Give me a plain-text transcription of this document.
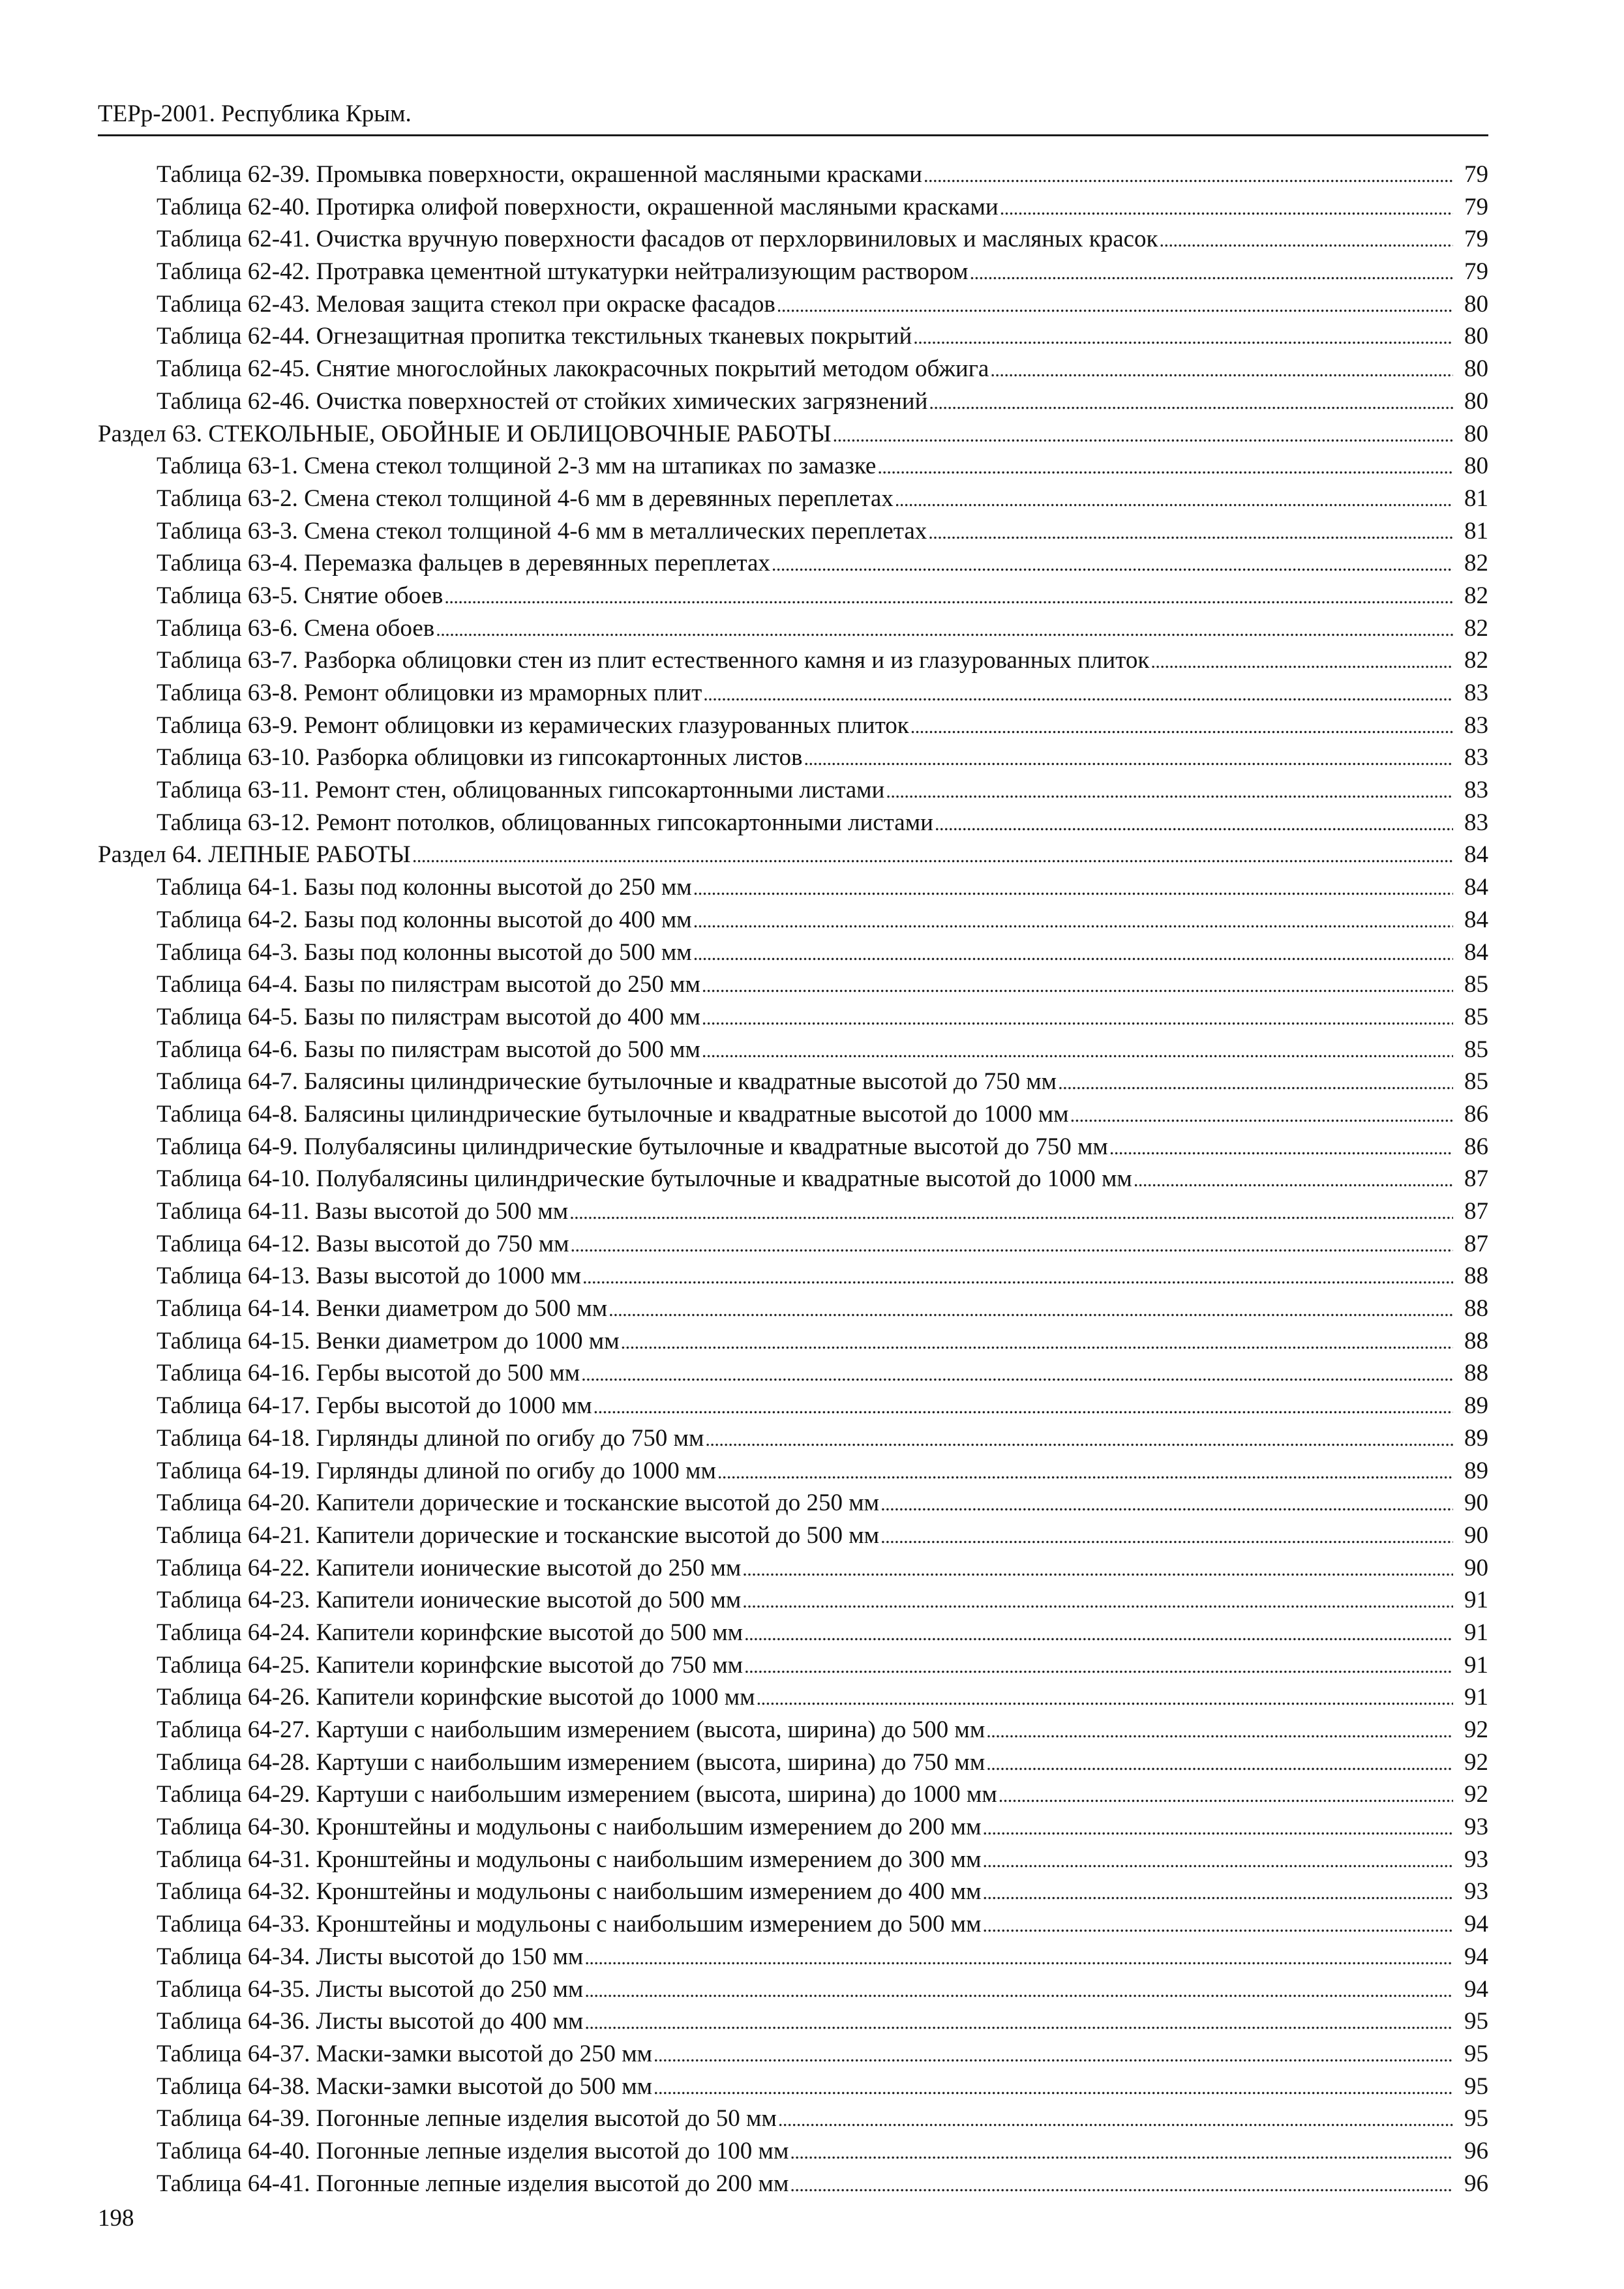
ТЕРр-2001. Республика Крым.
Таблица 62-39. Промывка поверхности, окрашенной масляными красками . . .	79
Таблица 62-40. Протирка олифой поверхности, окрашенной масляными красками . . .	79
Таблица 62-41. Очистка вручную поверхности фасадов от перхлорвиниловых и масляных красок . . .	79
Таблица 62-42. Протравка цементной штукатурки нейтрализующим раствором . . .	79
Таблица 62-43. Меловая защита стекол при окраске фасадов . . .	80
Таблица 62-44. Огнезащитная пропитка текстильных тканевых покрытий . . .	80
Таблица 62-45. Снятие многослойных лакокрасочных покрытий методом обжига . . .	80
Таблица 62-46. Очистка поверхностей от стойких химических загрязнений . . .	80
Раздел 63. СТЕКОЛЬНЫЕ, ОБОЙНЫЕ И ОБЛИЦОВОЧНЫЕ РАБОТЫ . . .	80
Таблица 63-1. Смена стекол толщиной 2-3 мм на штапиках по замазке . . .	80
Таблица 63-2. Смена стекол толщиной 4-6 мм в деревянных переплетах . . .	81
Таблица 63-3. Смена стекол толщиной 4-6 мм в металлических переплетах . . .	81
Таблица 63-4. Перемазка фальцев в деревянных переплетах . . .	82
Таблица 63-5. Снятие обоев . . .	82
Таблица 63-6. Смена обоев . . .	82
Таблица 63-7. Разборка облицовки стен из плит естественного камня и из глазурованных плиток . . .	82
Таблица 63-8. Ремонт облицовки из мраморных плит . . .	83
Таблица 63-9. Ремонт облицовки из керамических глазурованных плиток . . .	83
Таблица 63-10. Разборка облицовки из гипсокартонных листов . . .	83
Таблица 63-11. Ремонт стен, облицованных гипсокартонными листами . . .	83
Таблица 63-12. Ремонт потолков, облицованных гипсокартонными листами . . .	83
Раздел 64. ЛЕПНЫЕ РАБОТЫ . . .	84
Таблица 64-1. Базы под колонны высотой до 250 мм . . .	84
Таблица 64-2. Базы под колонны высотой до 400 мм . . .	84
Таблица 64-3. Базы под колонны высотой до 500 мм . . .	84
Таблица 64-4. Базы по пилястрам высотой до 250 мм . . .	85
Таблица 64-5. Базы по пилястрам высотой до 400 мм . . .	85
Таблица 64-6. Базы по пилястрам высотой до 500 мм . . .	85
Таблица 64-7. Балясины цилиндрические бутылочные и квадратные высотой до 750 мм . . .	85
Таблица 64-8. Балясины цилиндрические бутылочные и квадратные высотой до 1000 мм . . .	86
Таблица 64-9. Полубалясины цилиндрические бутылочные и квадратные высотой до 750 мм . . .	86
Таблица 64-10. Полубалясины цилиндрические бутылочные и квадратные высотой до 1000 мм . . .	87
Таблица 64-11. Вазы высотой до 500 мм . . .	87
Таблица 64-12. Вазы высотой до 750 мм . . .	87
Таблица 64-13. Вазы высотой до 1000 мм . . .	88
Таблица 64-14. Венки диаметром до 500 мм . . .	88
Таблица 64-15. Венки диаметром до 1000 мм . . .	88
Таблица 64-16. Гербы высотой до 500 мм . . .	88
Таблица 64-17. Гербы высотой до 1000 мм . . .	89
Таблица 64-18. Гирлянды длиной по огибу до 750 мм . . .	89
Таблица 64-19. Гирлянды длиной по огибу до 1000 мм . . .	89
Таблица 64-20. Капители дорические и тосканские высотой до 250 мм . . .	90
Таблица 64-21. Капители дорические и тосканские высотой до 500 мм . . .	90
Таблица 64-22. Капители ионические высотой до 250 мм . . .	90
Таблица 64-23. Капители ионические высотой до 500 мм . . .	91
Таблица 64-24. Капители коринфские высотой до 500 мм . . .	91
Таблица 64-25. Капители коринфские высотой до 750 мм . . .	91
Таблица 64-26. Капители коринфские высотой до 1000 мм . . .	91
Таблица 64-27. Картуши с наибольшим измерением (высота, ширина) до 500 мм . . .	92
Таблица 64-28. Картуши с наибольшим измерением (высота, ширина) до 750 мм . . .	92
Таблица 64-29. Картуши с наибольшим измерением (высота, ширина) до 1000 мм . . .	92
Таблица 64-30. Кронштейны и модульоны с наибольшим измерением до 200 мм . . .	93
Таблица 64-31. Кронштейны и модульоны с наибольшим измерением до 300 мм . . .	93
Таблица 64-32. Кронштейны и модульоны с наибольшим измерением до 400 мм . . .	93
Таблица 64-33. Кронштейны и модульоны с наибольшим измерением до 500 мм . . .	94
Таблица 64-34. Листы высотой до 150 мм . . .	94
Таблица 64-35. Листы высотой до 250 мм . . .	94
Таблица 64-36. Листы высотой до 400 мм . . .	95
Таблица 64-37. Маски-замки высотой до 250 мм . . .	95
Таблица 64-38. Маски-замки высотой до 500 мм . . .	95
Таблица 64-39. Погонные лепные изделия высотой до 50 мм . . .	95
Таблица 64-40. Погонные лепные изделия высотой до 100 мм . . .	96
Таблица 64-41. Погонные лепные изделия высотой до 200 мм . . .	96
198
